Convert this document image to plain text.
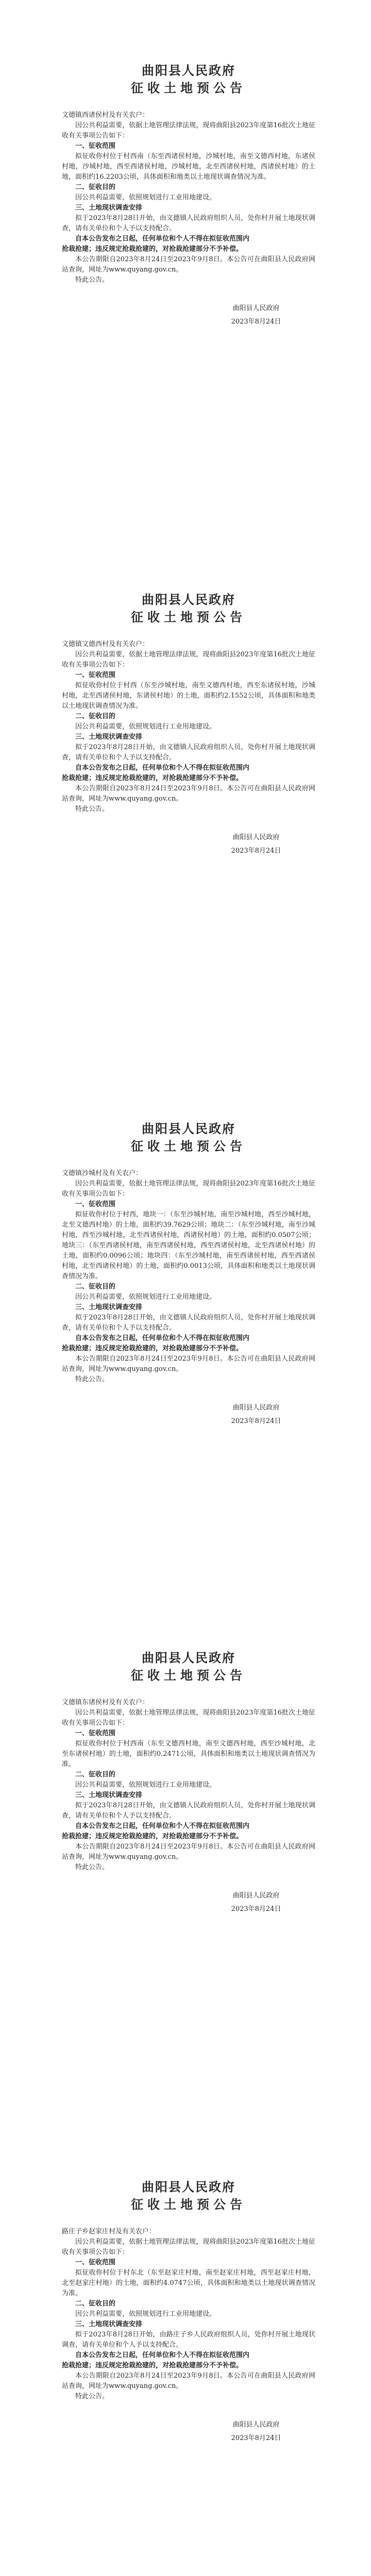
曲阳县人民政府
征收土地预公告

文德镇西诸侯村及有关农户：

因公共利益需要，依据土地管理法律法规，现将曲阳县2023年度第16批次土地征收有关事项公告如下：

一、征收范围

拟征收你村位于村西南（东至西诸侯村地，沙城村地，南至文德西村地，东诸侯村地，沙城村地，西至西诸侯村地，沙城村地，北至西诸侯村地，西诸侯村地）的土地，面积约16.2203公顷，具体面积和地类以土地现状调查情况为准。

二、征收目的

因公共利益需要，依照规划进行工业用地建设。

三、土地现状调查安排

拟于2023年8月28日开始，由文德镇人民政府组织人员，处你村开展土地现状调查，请有关单位和个人予以支持配合。

自本公告发布之日起，任何单位和个人不得在拟征收范围内

抢栽抢建；违反规定抢栽抢建的，对抢栽抢建部分不予补偿。

本公告期限自2023年8月24日至2023年9月8日。本公告可在曲阳县人民政府网站查询，网址为www.quyang.gov.cn。

特此公告。

曲阳县人民政府
2023年8月24日
曲阳县人民政府
征收土地预公告

文德镇文德西村及有关农户：

因公共利益需要，依据土地管理法律法规，现将曲阳县2023年度第16批次土地征收有关事项公告如下：

一、征收范围

拟征收你村位于村西（东至沙城村地，南至文德西村地，西至东诸侯村地，沙城村地，北至西诸侯村地，东诸侯村地）的土地，面积约2.1552公顷，具体面积和地类以土地现状调查情况为准。

二、征收目的

因公共利益需要，依照规划进行工业用地建设。

三、土地现状调查安排

拟于2023年8月28日开始，由文德镇人民政府组织人员，处你村开展土地现状调查，请有关单位和个人予以支持配合。

自本公告发布之日起，任何单位和个人不得在拟征收范围内

抢栽抢建；违反规定抢栽抢建的，对抢栽抢建部分不予补偿。

本公告期限自2023年8月24日至2023年9月8日。本公告可在曲阳县人民政府网站查询，网址为www.quyang.gov.cn。

特此公告。

曲阳县人民政府
2023年8月24日
曲阳县人民政府
征收土地预公告

文德镇沙城村及有关农户：

因公共利益需要，依据土地管理法律法规，现将曲阳县2023年度第16批次土地征收有关事项公告如下：

一、征收范围

拟征收你村位于村西，地块一：（东至沙城村地，南至沙城村地，西至沙城村地，北至文德西村地）的土地，面积约39.7629公顷；地块二：（东至沙城村地，南至沙城村地，西至沙城村地，北至西诸侯村地，西诸侯村地）的土地，面积约0.0507公顷；地块三：（东至西诸侯村地，南至西诸侯村地，西至西诸侯村地，北至西诸侯村地）的土地，面积约0.0096公顷；地块四：（东至沙城村地，南至西诸侯村地，西至西诸侯村地，北至西诸侯村地）的土地，面积约0.0013公顷，具体面积和地类以土地现状调查情况为准。

二、征收目的

因公共利益需要，依照规划进行工业用地建设。

三、土地现状调查安排

拟于2023年8月28日开始，由文德镇人民政府组织人员，处你村开展土地现状调查，请有关单位和个人予以支持配合。

自本公告发布之日起，任何单位和个人不得在拟征收范围内

抢栽抢建；违反规定抢栽抢建的，对抢栽抢建部分不予补偿。

本公告期限自2023年8月24日至2023年9月8日。本公告可在曲阳县人民政府网站查询，网址为www.quyang.gov.cn。

特此公告。

曲阳县人民政府
2023年8月24日
曲阳县人民政府
征收土地预公告

文德镇东诸侯村及有关农户：

因公共利益需要，依据土地管理法律法规，现将曲阳县2023年度第16批次土地征收有关事项公告如下：

一、征收范围

拟征收你村位于村西南（东至文德西村地，南至文德西村地，西至沙城村地，北至东诸侯村地）的土地，面积约0.2471公顷，具体面积和地类以土地现状调查情况为准。

二、征收目的

因公共利益需要，依照规划进行工业用地建设。

三、土地现状调查安排

拟于2023年8月28日开始，由文德镇人民政府组织人员，处你村开展土地现状调查，请有关单位和个人予以支持配合。

自本公告发布之日起，任何单位和个人不得在拟征收范围内

抢栽抢建；违反规定抢栽抢建的，对抢栽抢建部分不予补偿。

本公告期限自2023年8月24日至2023年9月8日。本公告可在曲阳县人民政府网站查询，网址为www.quyang.gov.cn。

特此公告。

曲阳县人民政府
2023年8月24日
曲阳县人民政府
征收土地预公告

路庄子乡赵家庄村及有关农户：

因公共利益需要，依据土地管理法律法规，现将曲阳县2023年度第16批次土地征收有关事项公告如下：

一、征收范围

拟征收你村位于村东北（东至赵家庄村地，南至赵家庄村地，西至赵家庄村地，北至赵家庄村地）的土地，面积约4.0747公顷，具体面积和地类以土地现状调查情况为准。

二、征收目的

因公共利益需要，依照规划进行工业用地建设。

三、土地现状调查安排

拟于2023年8月28日开始，由路庄子乡人民政府组织人员，处你村开展土地现状调查，请有关单位和个人予以支持配合。

自本公告发布之日起，任何单位和个人不得在拟征收范围内

抢栽抢建；违反规定抢栽抢建的，对抢栽抢建部分不予补偿。

本公告期限自2023年8月24日至2023年9月8日。本公告可在曲阳县人民政府网站查询，网址为www.quyang.gov.cn。

特此公告。

曲阳县人民政府
2023年8月24日
